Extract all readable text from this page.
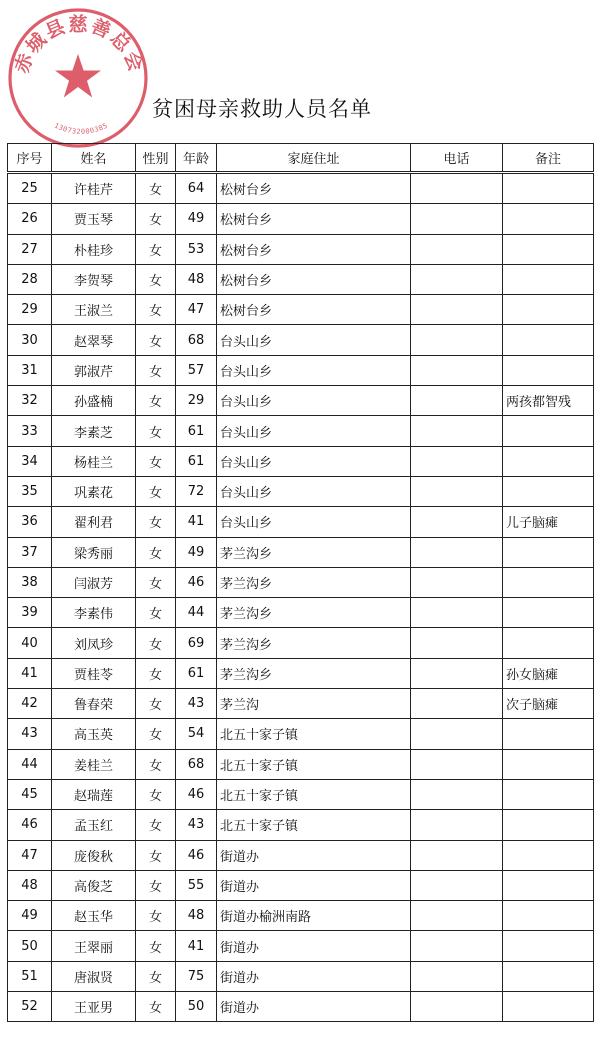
赤城县慈善总会
130732000385
贫困母亲救助人员名单
序号	姓名	性别	年龄	家庭住址	电话	备注
25	许桂芹	女	64	松树台乡		
26	贾玉琴	女	49	松树台乡		
27	朴桂珍	女	53	松树台乡		
28	李贺琴	女	48	松树台乡		
29	王淑兰	女	47	松树台乡		
30	赵翠琴	女	68	台头山乡		
31	郭淑芹	女	57	台头山乡		
32	孙盛楠	女	29	台头山乡		两孩都智残
33	李素芝	女	61	台头山乡		
34	杨桂兰	女	61	台头山乡		
35	巩素花	女	72	台头山乡		
36	翟利君	女	41	台头山乡		儿子脑瘫
37	梁秀丽	女	49	茅兰沟乡		
38	闫淑芳	女	46	茅兰沟乡		
39	李素伟	女	44	茅兰沟乡		
40	刘凤珍	女	69	茅兰沟乡		
41	贾桂苓	女	61	茅兰沟乡		孙女脑瘫
42	鲁春荣	女	43	茅兰沟		次子脑瘫
43	高玉英	女	54	北五十家子镇		
44	姜桂兰	女	68	北五十家子镇		
45	赵瑞莲	女	46	北五十家子镇		
46	孟玉红	女	43	北五十家子镇		
47	庞俊秋	女	46	街道办		
48	高俊芝	女	55	街道办		
49	赵玉华	女	48	街道办榆洲南路		
50	王翠丽	女	41	街道办		
51	唐淑贤	女	75	街道办		
52	王亚男	女	50	街道办		
